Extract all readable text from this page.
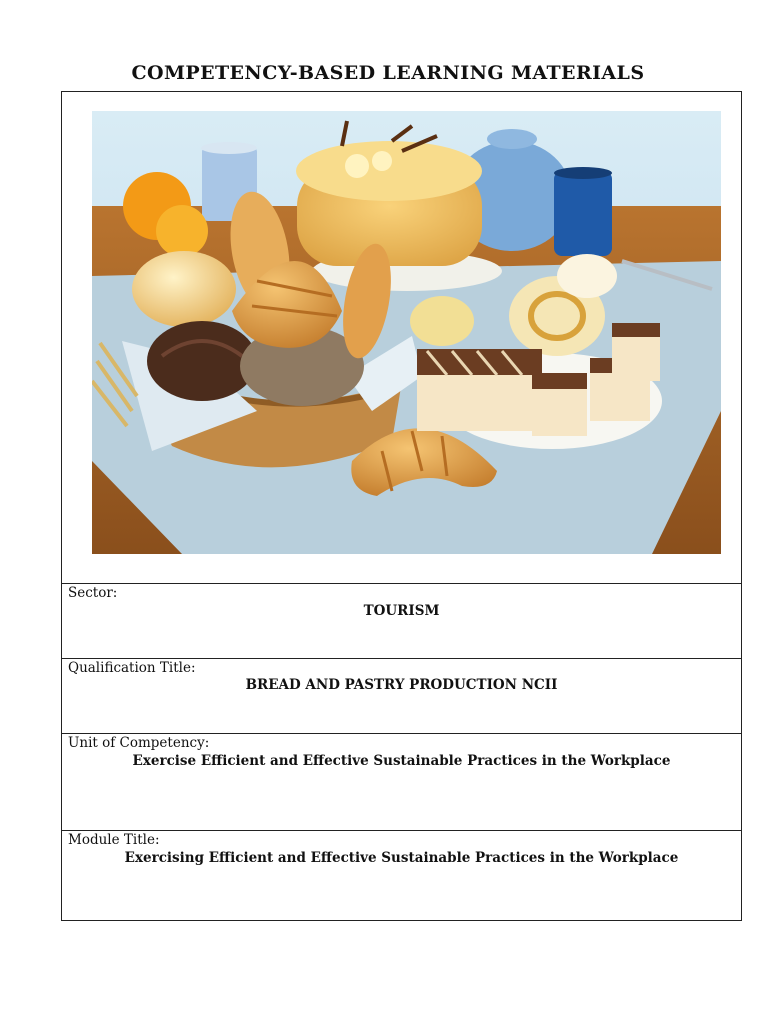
COMPETENCY-BASED LEARNING MATERIALS
Sector:
TOURISM
Qualification Title:
BREAD AND PASTRY PRODUCTION NCII
Unit of Competency:
Exercise Efficient and Effective Sustainable Practices in the Workplace
Module Title:
Exercising Efficient and Effective Sustainable Practices in the Workplace
